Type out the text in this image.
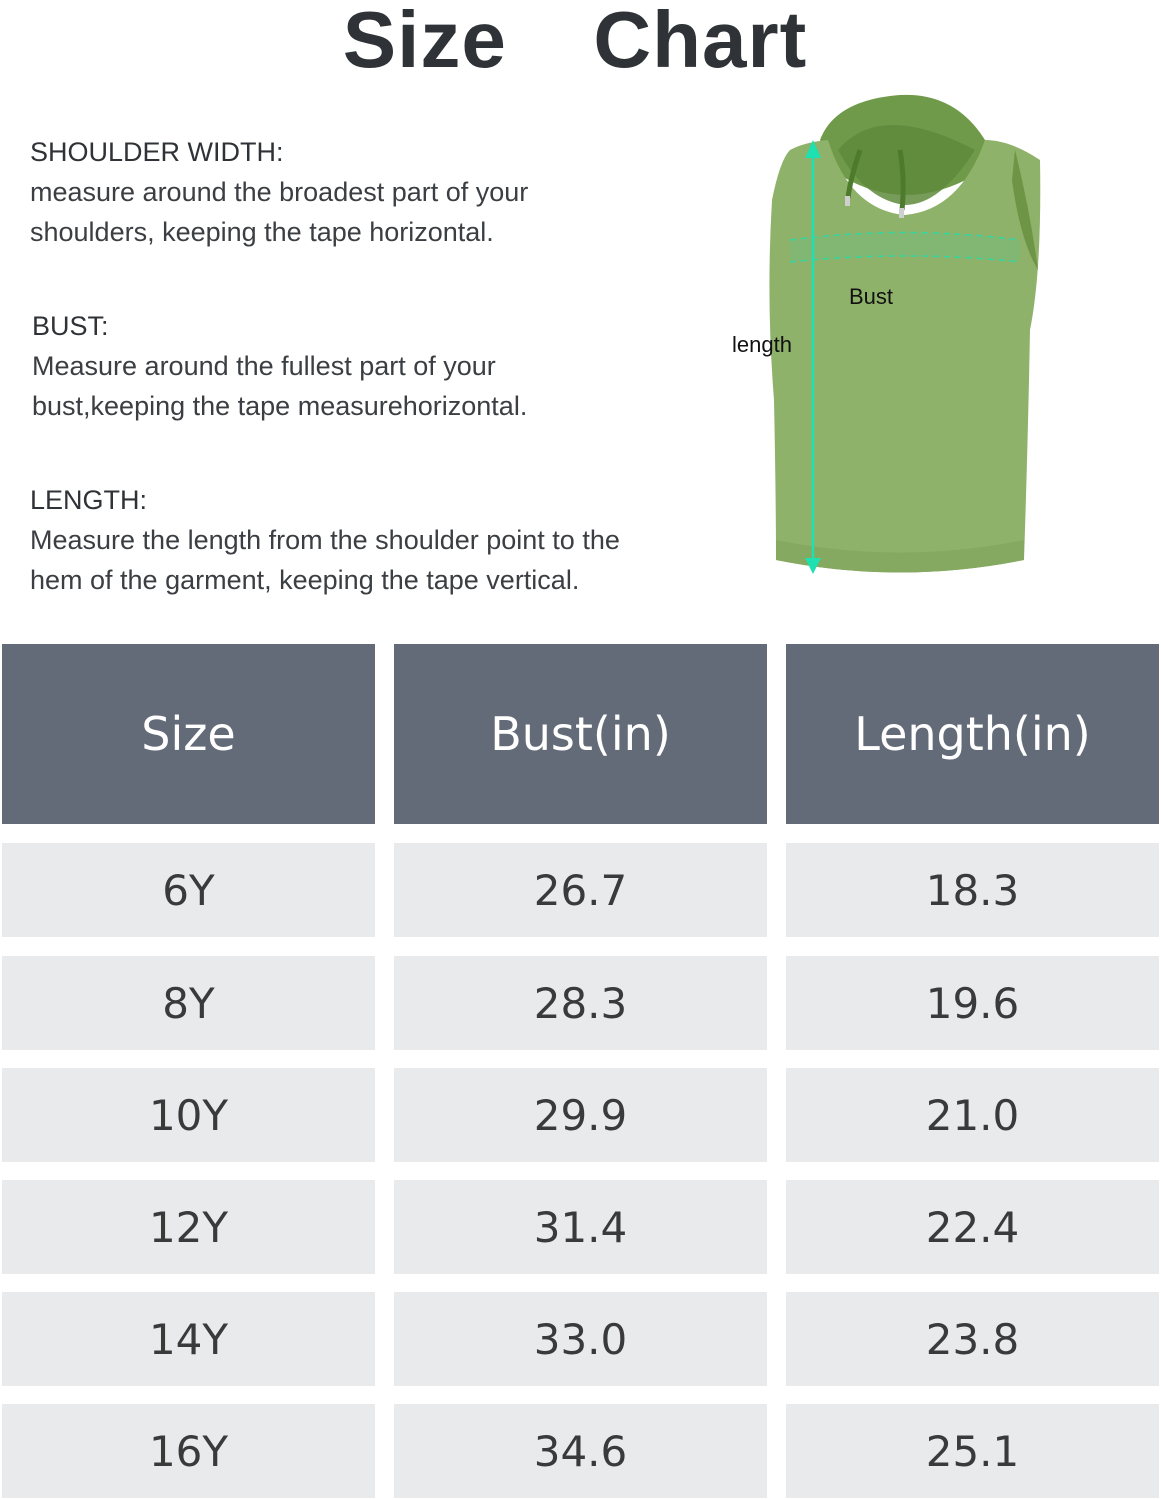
Size  Chart
SHOULDER WIDTH:
measure around the broadest part of your
shoulders, keeping the tape horizontal.
BUST:
Measure around the fullest part of your
bust,keeping the tape measurehorizontal.
LENGTH:
Measure the length from the shoulder point to the
hem of the garment, keeping the tape vertical.
Bust
length
Size	Bust(in)	Length(in)
6Y	26.7	18.3
8Y	28.3	19.6
10Y	29.9	21.0
12Y	31.4	22.4
14Y	33.0	23.8
16Y	34.6	25.1
